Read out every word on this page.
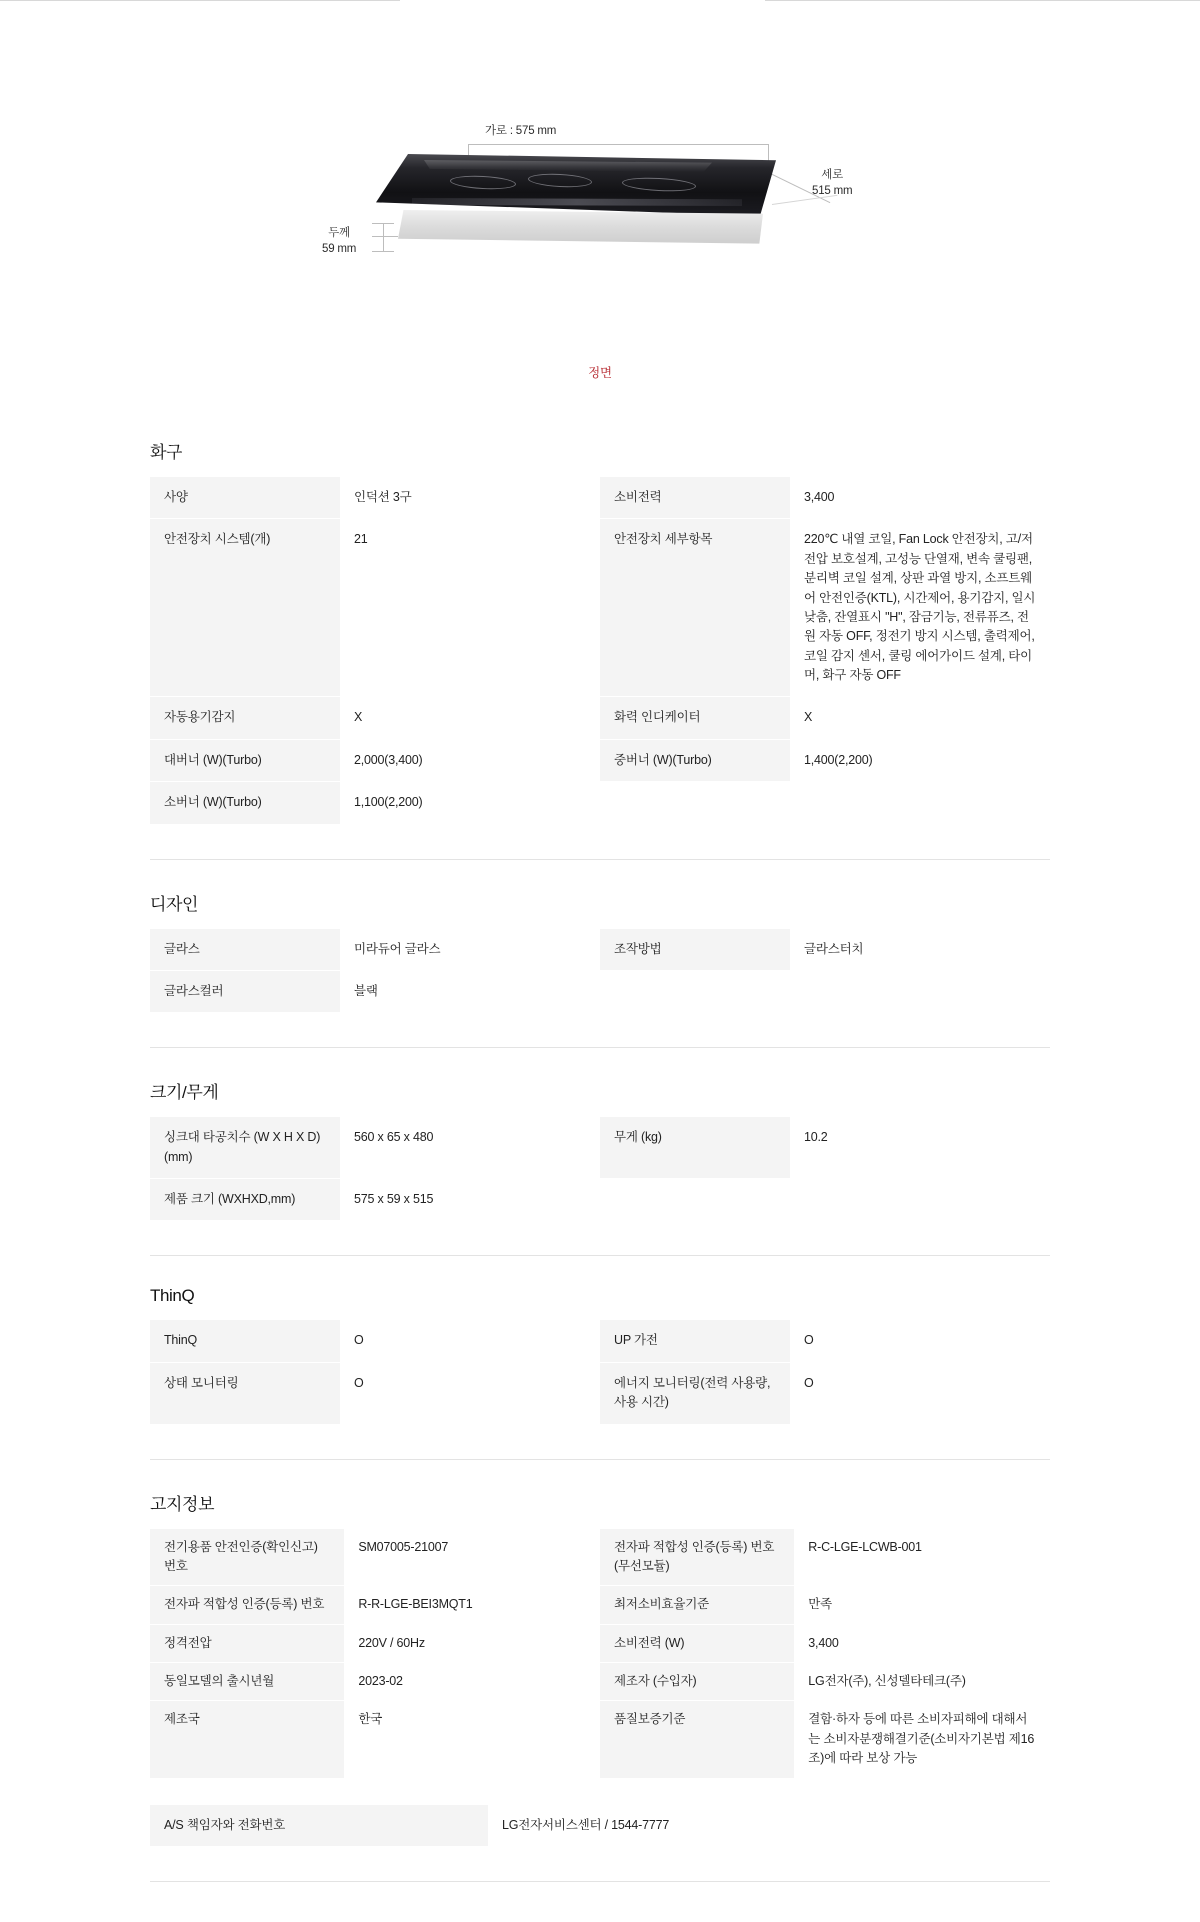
가로 : 575 mm
세로
515 mm
두께
59 mm
정면
화구
사양	인덕션 3구	소비전력	3,400
안전장치 시스템(개)	21	안전장치 세부항목	220℃ 내열 코일, Fan Lock 안전장치, 고/저전압 보호설계, 고성능 단열재, 변속 쿨링팬, 분리벽 코일 설계, 상판 과열 방지, 소프트웨어 안전인증(KTL), 시간제어, 용기감지, 일시낮춤, 잔열표시 "H", 잠금기능, 전류퓨즈, 전원 자동 OFF, 정전기 방지 시스템, 출력제어, 코일 감지 센서, 쿨링 에어가이드 설계, 타이머, 화구 자동 OFF
자동용기감지	X	화력 인디케이터	X
대버너 (W)(Turbo)	2,000(3,400)	중버너 (W)(Turbo)	1,400(2,200)
소버너 (W)(Turbo)	1,100(2,200)		
디자인
글라스	미라듀어 글라스	조작방법	글라스터치
글라스컬러	블랙		
크기/무게
싱크대 타공치수 (W X H X D)(mm)	560 x 65 x 480	무게 (kg)	10.2
제품 크기 (WXHXD,mm)	575 x 59 x 515		
ThinQ
ThinQ	O	UP 가전	O
상태 모니터링	O	에너지 모니터링(전력 사용량, 사용 시간)	O
고지정보
전기용품 안전인증(확인신고) 번호	SM07005-21007	전자파 적합성 인증(등록) 번호 (무선모듈)	R-C-LGE-LCWB-001
전자파 적합성 인증(등록) 번호	R-R-LGE-BEI3MQT1	최저소비효율기준	만족
정격전압	220V / 60Hz	소비전력 (W)	3,400
동일모델의 출시년월	2023-02	제조자 (수입자)	LG전자(주), 신성델타테크(주)
제조국	한국	품질보증기준	결함·하자 등에 따른 소비자피해에 대해서는 소비자분쟁해결기준(소비자기본법 제16조)에 따라 보상 가능
A/S 책임자와 전화번호	LG전자서비스센터 / 1544-7777		
